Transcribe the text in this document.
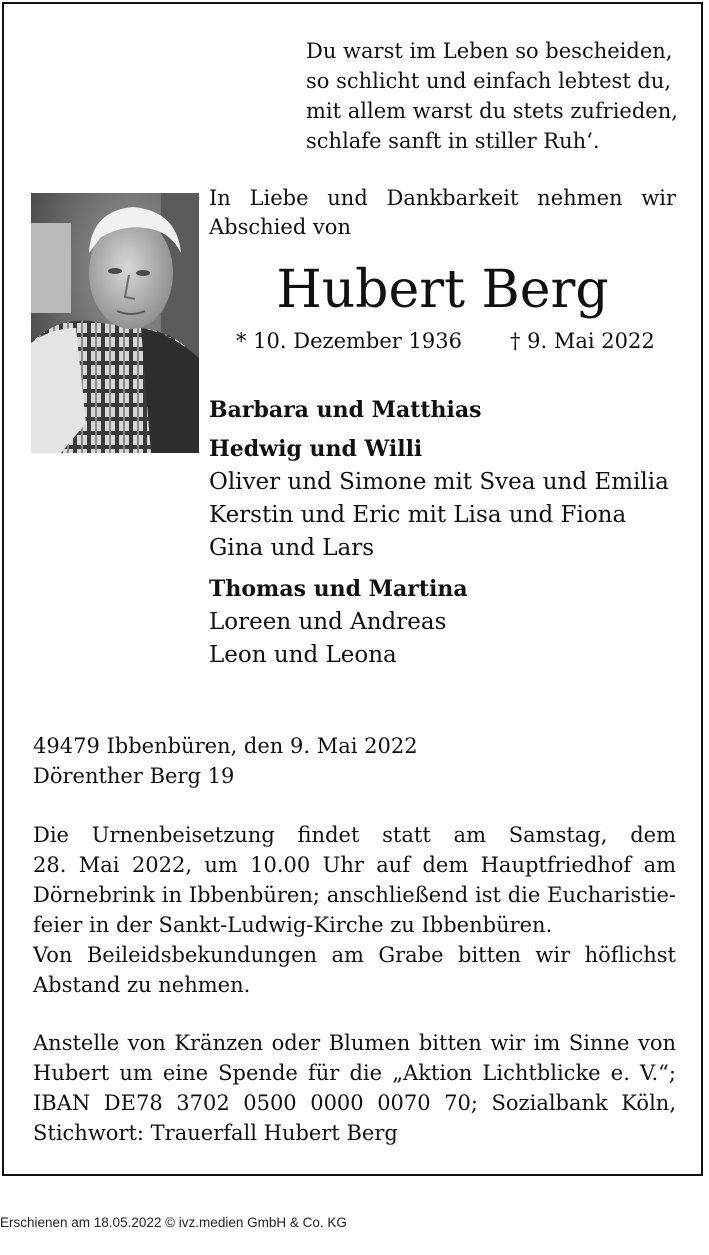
Du warst im Leben so bescheiden,
so schlicht und einfach lebtest du,
mit allem warst du stets zufrieden,
schlafe sanft in stiller Ruh‘.
In Liebe und Dankbarkeit nehmen wir
Abschied von
Hubert Berg
* 10. Dezember 1936 † 9. Mai 2022
Barbara und Matthias
Hedwig und Willi
Oliver und Simone mit Svea und Emilia
Kerstin und Eric mit Lisa und Fiona
Gina und Lars
Thomas und Martina
Loreen und Andreas
Leon und Leona
49479 Ibbenbüren, den 9. Mai 2022
Dörenther Berg 19
Die Urnenbeisetzung findet statt am Samstag, dem
28. Mai 2022, um 10.00 Uhr auf dem Hauptfriedhof am
Dörnebrink in Ibbenbüren; anschließend ist die Eucharistie-
feier in der Sankt-Ludwig-Kirche zu Ibbenbüren.
Von Beileidsbekundungen am Grabe bitten wir höflichst
Abstand zu nehmen.
Anstelle von Kränzen oder Blumen bitten wir im Sinne von
Hubert um eine Spende für die „Aktion Lichtblicke e. V.“;
IBAN DE78 3702 0500 0000 0070 70; Sozialbank Köln,
Stichwort: Trauerfall Hubert Berg
Erschienen am 18.05.2022 © ivz.medien GmbH & Co. KG
